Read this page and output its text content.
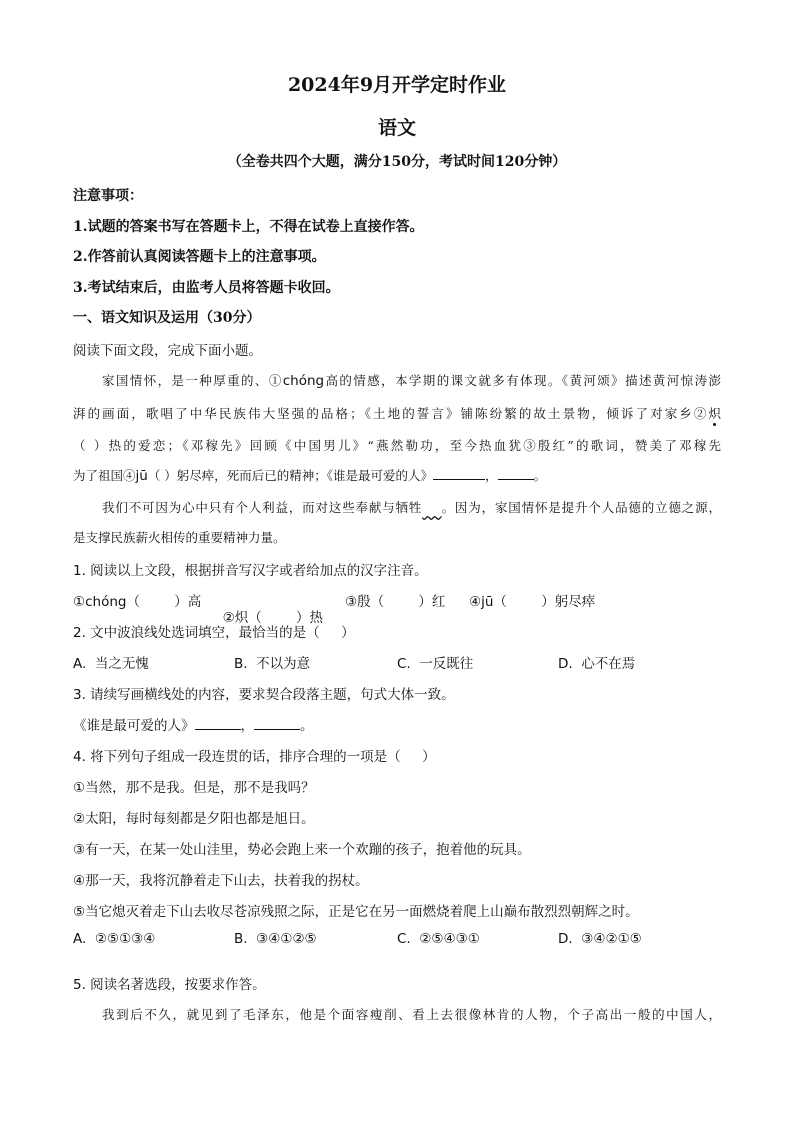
2024年9月开学定时作业
语文
（全卷共四个大题，满分150分，考试时间120分钟）
注意事项：
1.试题的答案书写在答题卡上，不得在试卷上直接作答。
2.作答前认真阅读答题卡上的注意事项。
3.考试结束后，由监考人员将答题卡收回。
一、语文知识及运用（30分）
阅读下面文段，完成下面小题。
家国情怀，是一种厚重的、①chóng高的情感，本学期的课文就多有体现。《黄河颂》描述黄河惊涛澎
湃的画面，歌唱了中华民族伟大坚强的品格；《土地的誓言》铺陈纷繁的故土景物，倾诉了对家乡②炽
（ ）热的爱恋；《邓稼先》回顾《中国男儿》“燕然勒功，至今热血犹③殷红”的歌词，赞美了邓稼先
为了祖国④jū（ ）躬尽瘁，死而后已的精神；《谁是最可爱的人》	，	。
我们不可因为心中只有个人利益，而对这些奉献与牺牲 。因为，家国情怀是提升个人品德的立德之源，
是支撑民族薪火相传的重要精神力量。
1. 阅读以上文段，根据拼音写汉字或者给加点的汉字注音。
①chóng（        ）高

②炽（        ）热

③殷（        ）红 ④jū（        ）躬尽瘁
2. 文中波浪线处选词填空，最恰当的是（     ）
A.  当之无愧	B.  不以为意	C.  一反既往	D.  心不在焉
3. 请续写画横线处的内容，要求契合段落主题，句式大体一致。
《谁是最可爱的人》	，	。
4. 将下列句子组成一段连贯的话，排序合理的一项是（     ）
①当然，那不是我。但是，那不是我吗？
②太阳，每时每刻都是夕阳也都是旭日。
③有一天，在某一处山洼里，势必会跑上来一个欢蹦的孩子，抱着他的玩具。
④那一天，我将沉静着走下山去，扶着我的拐杖。
⑤当它熄灭着走下山去收尽苍凉残照之际，正是它在另一面燃烧着爬上山巅布散烈烈朝辉之时。
A.  ②⑤①③④	B.  ③④①②⑤	C.  ②⑤④③①	D.  ③④②①⑤
5. 阅读名著选段，按要求作答。
我到后不久，就见到了毛泽东，他是个面容瘦削、看上去很像林肯的人物，个子高出一般的中国人，
